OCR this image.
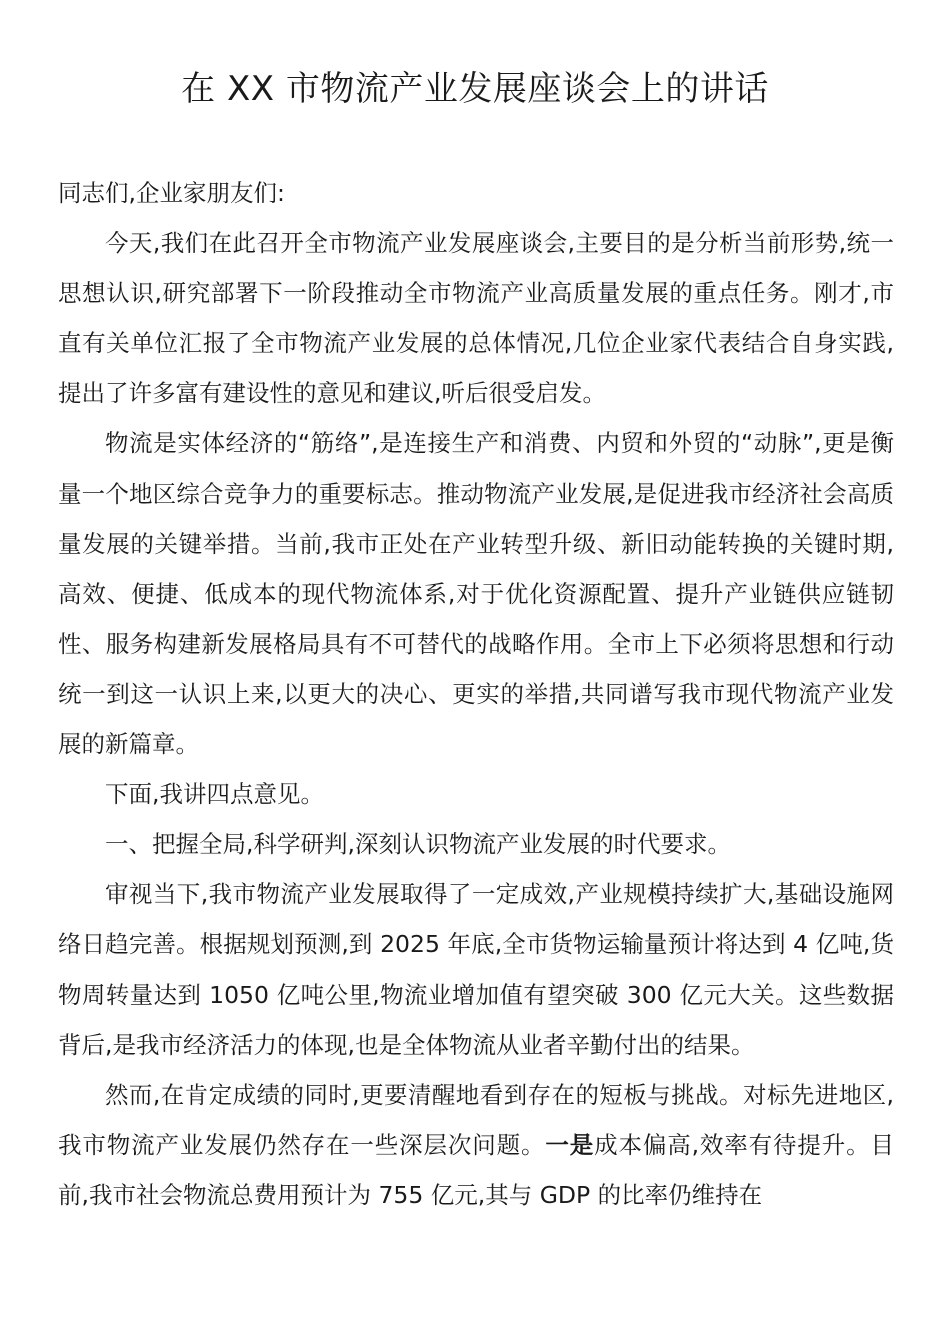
在 XX 市物流产业发展座谈会上的讲话

同志们,企业家朋友们:

今天,我们在此召开全市物流产业发展座谈会,主要目的是分析当前形势,统一思想认识,研究部署下一阶段推动全市物流产业高质量发展的重点任务。刚才,市直有关单位汇报了全市物流产业发展的总体情况,几位企业家代表结合自身实践,提出了许多富有建设性的意见和建议,听后很受启发。

物流是实体经济的“筋络”,是连接生产和消费、内贸和外贸的“动脉”,更是衡量一个地区综合竞争力的重要标志。推动物流产业发展,是促进我市经济社会高质量发展的关键举措。当前,我市正处在产业转型升级、新旧动能转换的关键时期,高效、便捷、低成本的现代物流体系,对于优化资源配置、提升产业链供应链韧性、服务构建新发展格局具有不可替代的战略作用。全市上下必须将思想和行动统一到这一认识上来,以更大的决心、更实的举措,共同谱写我市现代物流产业发展的新篇章。

下面,我讲四点意见。

一、把握全局,科学研判,深刻认识物流产业发展的时代要求。

审视当下,我市物流产业发展取得了一定成效,产业规模持续扩大,基础设施网络日趋完善。根据规划预测,到 2025 年底,全市货物运输量预计将达到 4 亿吨,货物周转量达到 1050 亿吨公里,物流业增加值有望突破 300 亿元大关。这些数据背后,是我市经济活力的体现,也是全体物流从业者辛勤付出的结果。

然而,在肯定成绩的同时,更要清醒地看到存在的短板与挑战。对标先进地区,我市物流产业发展仍然存在一些深层次问题。一是成本偏高,效率有待提升。目前,我市社会物流总费用预计为 755 亿元,其与 GDP 的比率仍维持在
